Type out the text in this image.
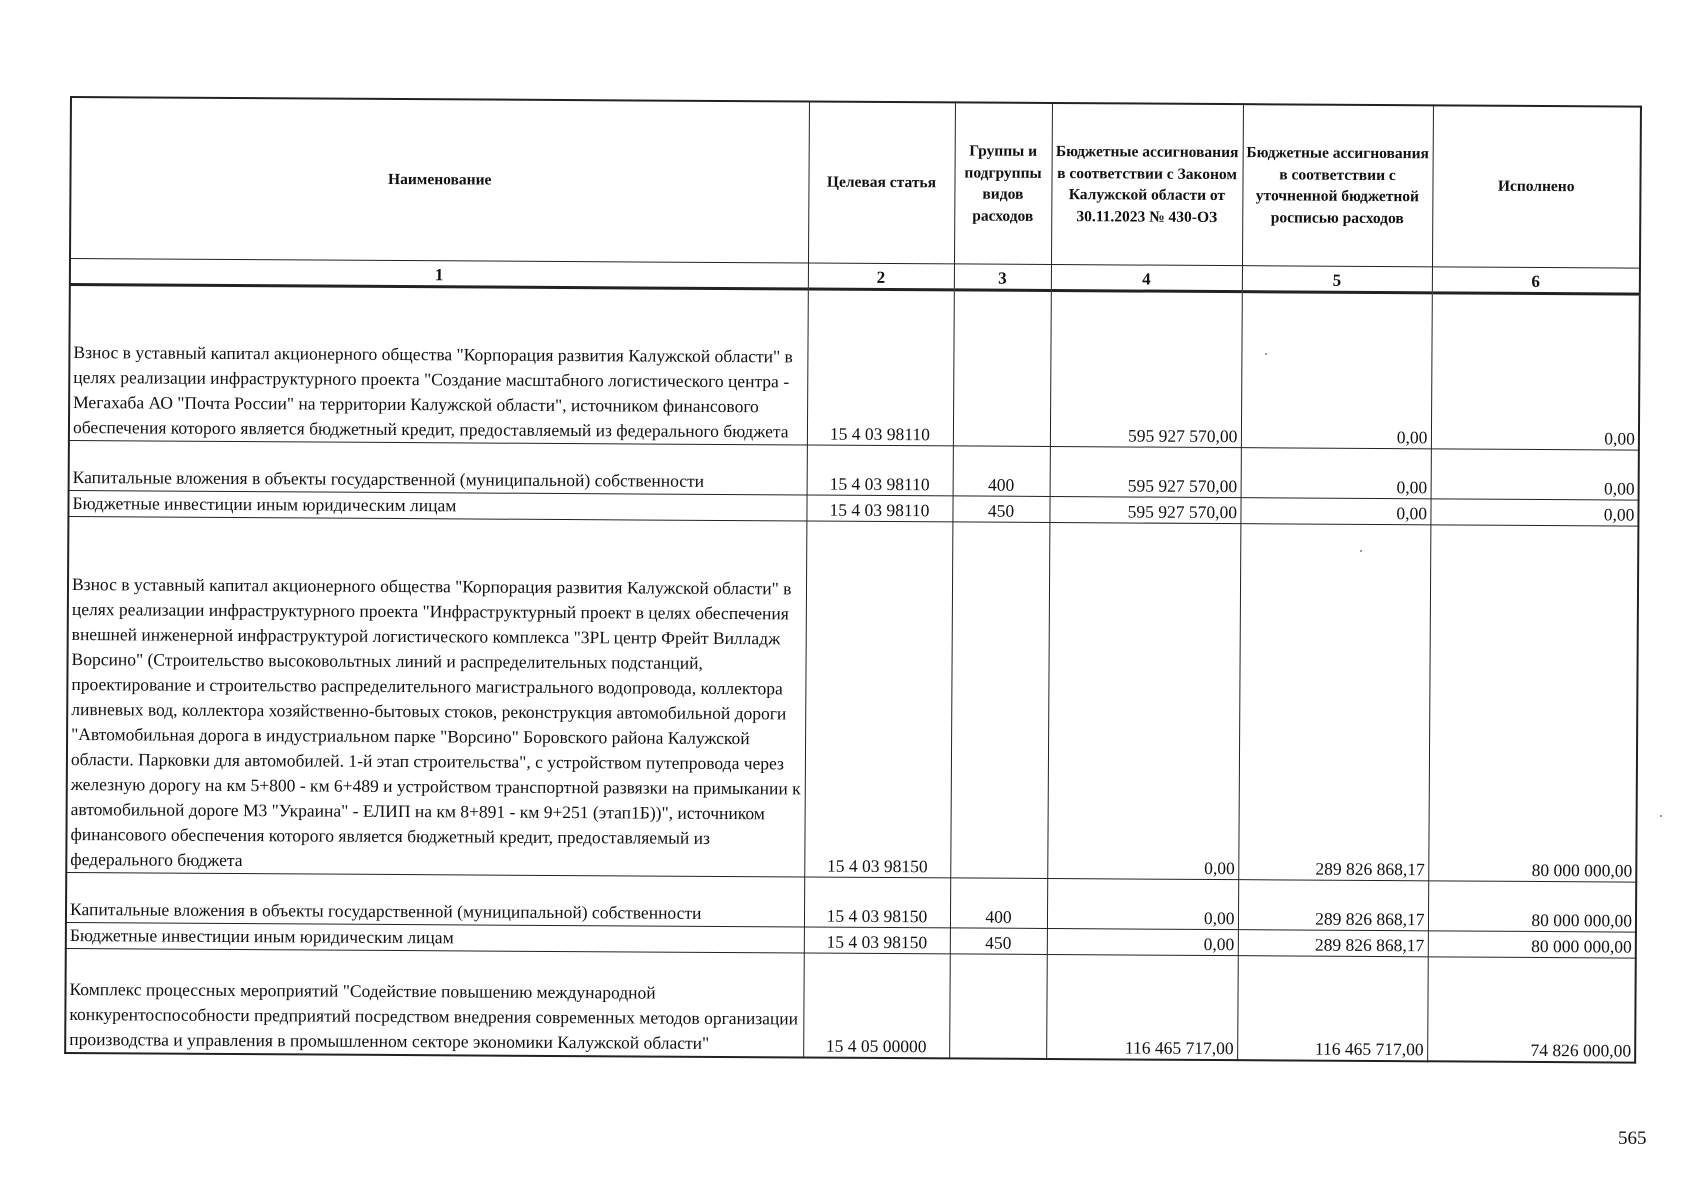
Наименование	Целевая статья	Группы и подгруппы видов расходов	Бюджетные ассигнования в соответствии с Законом Калужской области от 30.11.2023 № 430-ОЗ	Бюджетные ассигнования в соответствии с уточненной бюджетной росписью расходов	Исполнено
1	2	3	4	5	6
Взнос в уставный капитал акционерного общества "Корпорация развития Калужской области" в целях реализации инфраструктурного проекта "Создание масштабного логистического центра - Мегахаба АО "Почта России" на территории Калужской области", источником финансового обеспечения которого является бюджетный кредит, предоставляемый из федерального бюджета	15 4 03 98110		595 927 570,00	0,00	0,00
Капитальные вложения в объекты государственной (муниципальной) собственности	15 4 03 98110	400	595 927 570,00	0,00	0,00
Бюджетные инвестиции иным юридическим лицам	15 4 03 98110	450	595 927 570,00	0,00	0,00
Взнос в уставный капитал акционерного общества "Корпорация развития Калужской области" в целях реализации инфраструктурного проекта "Инфраструктурный проект в целях обеспечения внешней инженерной инфраструктурой логистического комплекса "3PL центр Фрейт Вилладж Ворсино" (Строительство высоковольтных линий и распределительных подстанций, проектирование и строительство распределительного магистрального водопровода, коллектора ливневых вод, коллектора хозяйственно-бытовых стоков, реконструкция автомобильной дороги "Автомобильная дорога в индустриальном парке "Ворсино" Боровского района Калужской области. Парковки для автомобилей. 1-й этап строительства", с устройством путепровода через железную дорогу на км 5+800 - км 6+489 и устройством транспортной развязки на примыкании к автомобильной дороге М3 "Украина" - ЕЛИП на км 8+891 - км 9+251 (этап1Б))", источником финансового обеспечения которого является бюджетный кредит, предоставляемый из федерального бюджета	15 4 03 98150		0,00	289 826 868,17	80 000 000,00
Капитальные вложения в объекты государственной (муниципальной) собственности	15 4 03 98150	400	0,00	289 826 868,17	80 000 000,00
Бюджетные инвестиции иным юридическим лицам	15 4 03 98150	450	0,00	289 826 868,17	80 000 000,00
Комплекс процессных мероприятий "Содействие повышению международной конкурентоспособности предприятий посредством внедрения современных методов организации производства и управления в промышленном секторе экономики Калужской области"	15 4 05 00000		116 465 717,00	116 465 717,00	74 826 000,00
565
